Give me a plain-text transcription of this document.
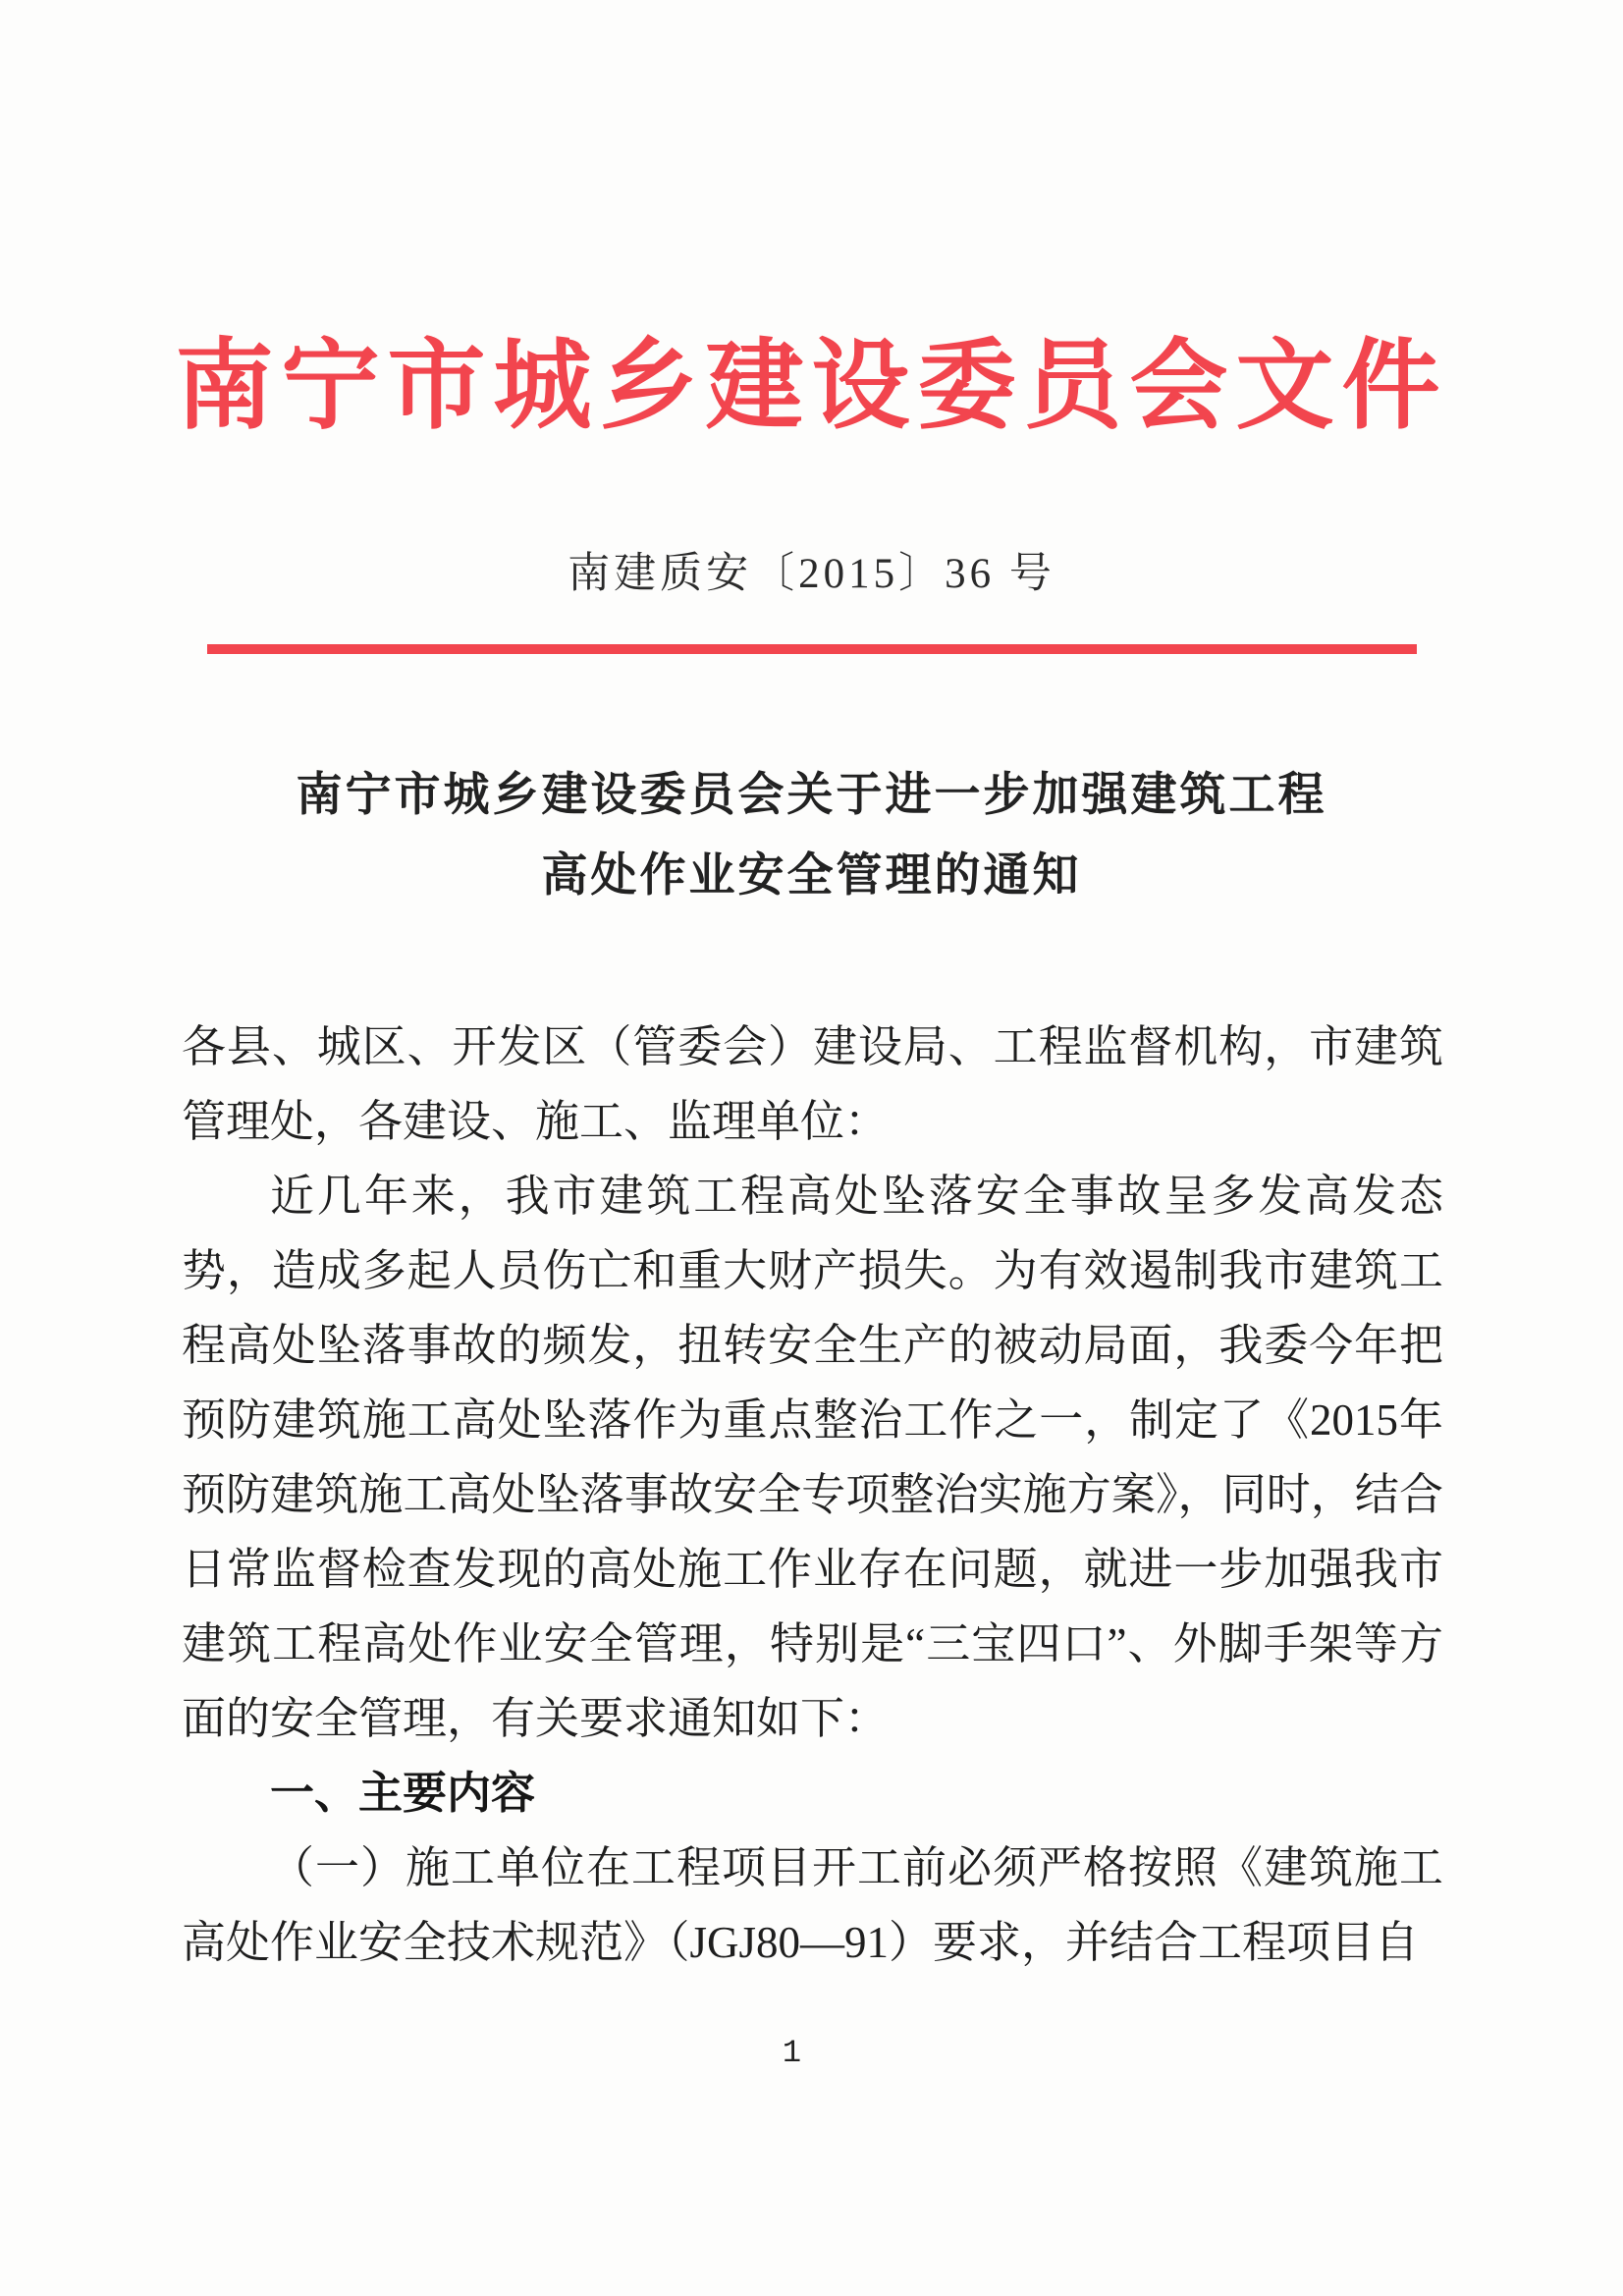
南宁市城乡建设委员会文件
南建质安〔2015〕36 号
南宁市城乡建设委员会关于进一步加强建筑工程
高处作业安全管理的通知

各县、城区、开发区（管委会）建设局、工程监督机构，市建筑管理处，各建设、施工、监理单位：

近几年来，我市建筑工程高处坠落安全事故呈多发高发态势，造成多起人员伤亡和重大财产损失。为有效遏制我市建筑工程高处坠落事故的频发，扭转安全生产的被动局面，我委今年把预防建筑施工高处坠落作为重点整治工作之一，制定了《2015年预防建筑施工高处坠落事故安全专项整治实施方案》，同时，结合日常监督检查发现的高处施工作业存在问题，就进一步加强我市建筑工程高处作业安全管理，特别是“三宝四口”、外脚手架等方面的安全管理，有关要求通知如下：

一、主要内容

（一）施工单位在工程项目开工前必须严格按照《建筑施工高处作业安全技术规范》（JGJ80—91）要求，并结合工程项目自

1
